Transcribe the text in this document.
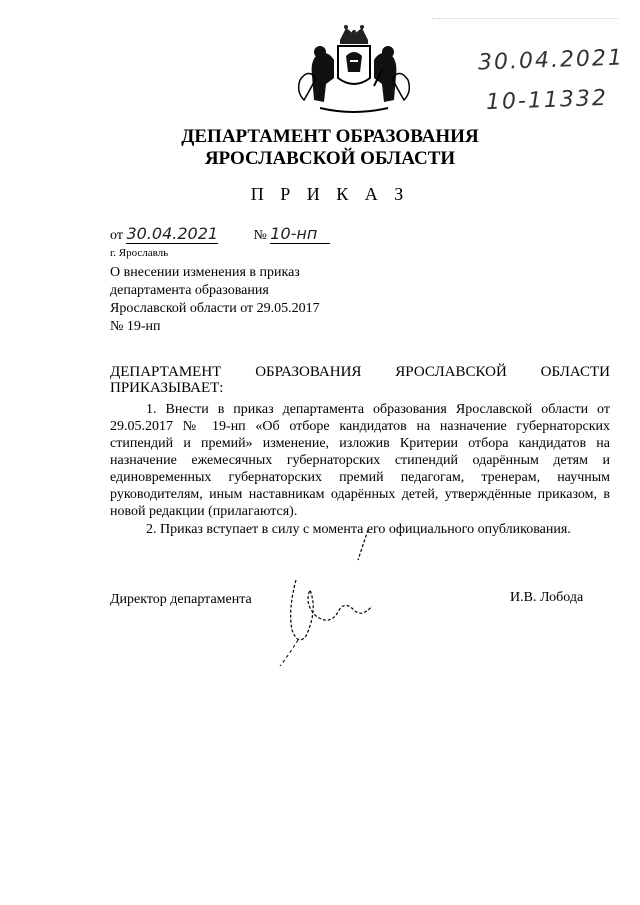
30.04.2021
10-11332
ДЕПАРТАМЕНТ ОБРАЗОВАНИЯ
ЯРОСЛАВСКОЙ ОБЛАСТИ
П Р И К А З
от 30.04.2021	№ 10-нп
г. Ярославль
О внесении изменения в приказ
департамента образования
Ярославской области от 29.05.2017
№ 19-нп
ДЕПАРТАМЕНТ ОБРАЗОВАНИЯ ЯРОСЛАВСКОЙ ОБЛАСТИ
ПРИКАЗЫВАЕТ:
1. Внести в приказ департамента образования Ярославской области от 29.05.2017 № 19-нп «Об отборе кандидатов на назначение губернаторских стипендий и премий» изменение, изложив Критерии отбора кандидатов на назначение ежемесячных губернаторских стипендий одарённым детям и единовременных губернаторских премий педагогам, тренерам, научным руководителям, иным наставникам одарённых детей, утверждённые приказом, в новой редакции (прилагаются).
2. Приказ вступает в силу с момента его официального опубликования.
Директор департамента	И.В. Лобода
